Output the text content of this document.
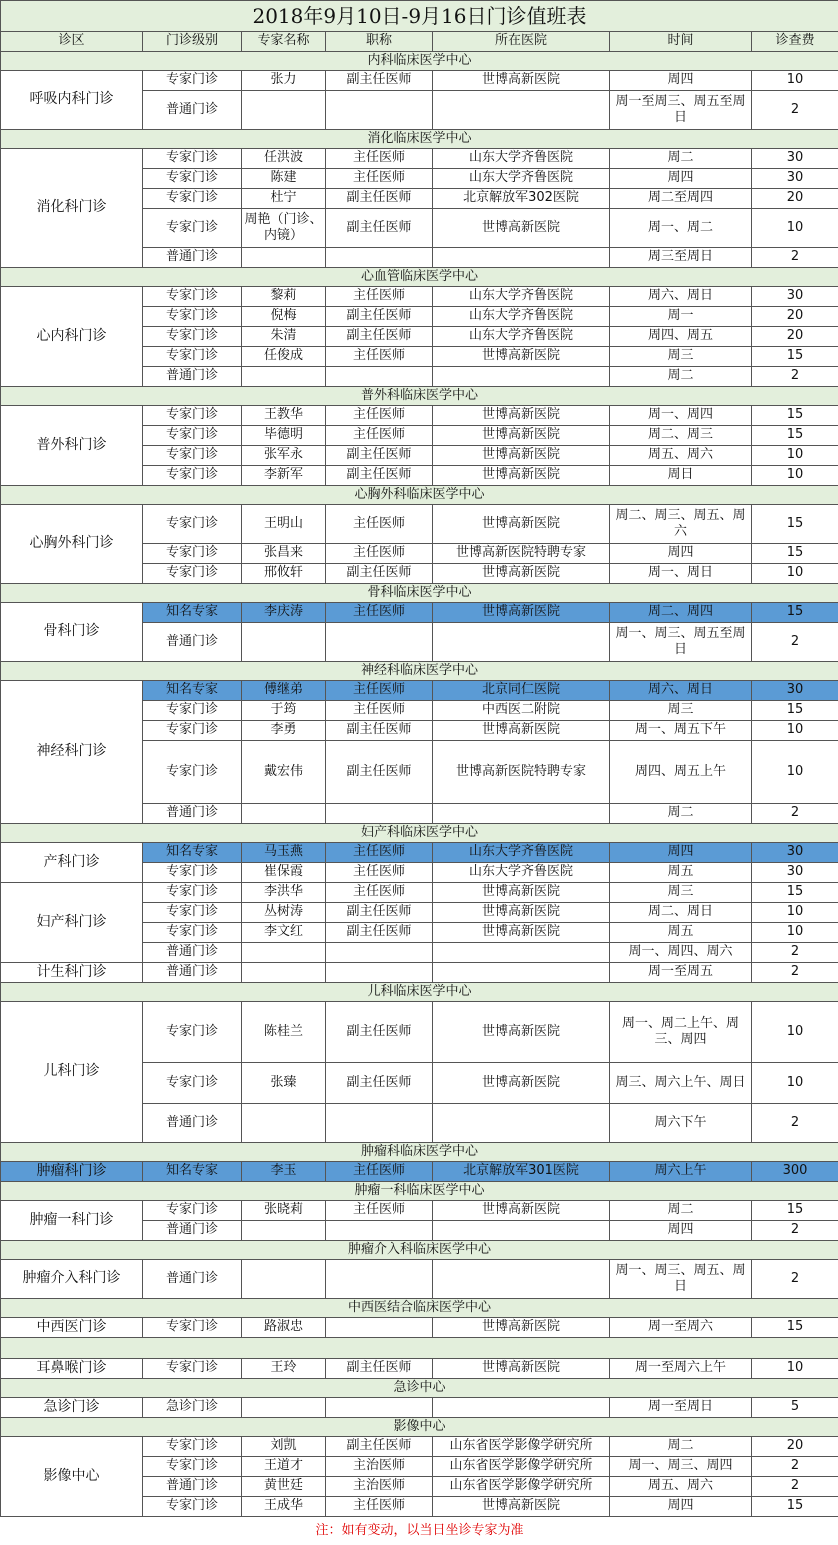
2018年9月10日-9月16日门诊值班表						
诊区	门诊级别	专家名称	职称	所在医院	时间	诊查费
内科临床医学中心						
呼吸内科门诊	专家门诊	张力	副主任医师	世博高新医院	周四	10
	普通门诊				周一至周三、周五至周日	2
消化临床医学中心						
消化科门诊	专家门诊	任洪波	主任医师	山东大学齐鲁医院	周二	30
	专家门诊	陈建	主任医师	山东大学齐鲁医院	周四	30
	专家门诊	杜宁	副主任医师	北京解放军302医院	周二至周四	20
	专家门诊	周艳（门诊、内镜）	副主任医师	世博高新医院	周一、周二	10
	普通门诊				周三至周日	2
心血管临床医学中心						
心内科门诊	专家门诊	黎莉	主任医师	山东大学齐鲁医院	周六、周日	30
	专家门诊	倪梅	副主任医师	山东大学齐鲁医院	周一	20
	专家门诊	朱清	副主任医师	山东大学齐鲁医院	周四、周五	20
	专家门诊	任俊成	主任医师	世博高新医院	周三	15
	普通门诊				周二	2
普外科临床医学中心						
普外科门诊	专家门诊	王教华	主任医师	世博高新医院	周一、周四	15
	专家门诊	毕德明	主任医师	世博高新医院	周二、周三	15
	专家门诊	张军永	副主任医师	世博高新医院	周五、周六	10
	专家门诊	李新军	副主任医师	世博高新医院	周日	10
心胸外科临床医学中心						
心胸外科门诊	专家门诊	王明山	主任医师	世博高新医院	周二、周三、周五、周六	15
	专家门诊	张昌来	主任医师	世博高新医院特聘专家	周四	15
	专家门诊	邢攸轩	副主任医师	世博高新医院	周一、周日	10
骨科临床医学中心						
骨科门诊	知名专家	李庆涛	主任医师	世博高新医院	周二、周四	15
	普通门诊				周一、周三、周五至周日	2
神经科临床医学中心						
神经科门诊	知名专家	傅继弟	主任医师	北京同仁医院	周六、周日	30
	专家门诊	于筠	主任医师	中西医二附院	周三	15
	专家门诊	李勇	副主任医师	世博高新医院	周一、周五下午	10
	专家门诊	戴宏伟	副主任医师	世博高新医院特聘专家	周四、周五上午	10
	普通门诊				周二	2
妇产科临床医学中心						
产科门诊	知名专家	马玉燕	主任医师	山东大学齐鲁医院	周四	30
	专家门诊	崔保霞	主任医师	山东大学齐鲁医院	周五	30
妇产科门诊	专家门诊	李洪华	主任医师	世博高新医院	周三	15
	专家门诊	丛树涛	副主任医师	世博高新医院	周二、周日	10
	专家门诊	李文红	副主任医师	世博高新医院	周五	10
	普通门诊				周一、周四、周六	2
计生科门诊	普通门诊				周一至周五	2
儿科临床医学中心						
儿科门诊	专家门诊	陈桂兰	副主任医师	世博高新医院	周一、周二上午、周三、周四	10
	专家门诊	张臻	副主任医师	世博高新医院	周三、周六上午、周日	10
	普通门诊				周六下午	2
肿瘤科临床医学中心						
肿瘤科门诊	知名专家	李玉	主任医师	北京解放军301医院	周六上午	300
肿瘤一科临床医学中心						
肿瘤一科门诊	专家门诊	张晓莉	主任医师	世博高新医院	周二	15
	普通门诊				周四	2
肿瘤介入科临床医学中心						
肿瘤介入科门诊	普通门诊				周一、周三、周五、周日	2
中西医结合临床医学中心						
中西医门诊	专家门诊	路淑忠		世博高新医院	周一至周六	15

耳鼻喉门诊	专家门诊	王玲	副主任医师	世博高新医院	周一至周六上午	10
急诊中心						
急诊门诊	急诊门诊				周一至周日	5
影像中心						
影像中心	专家门诊	刘凯	副主任医师	山东省医学影像学研究所	周二	20
	专家门诊	王道才	主治医师	山东省医学影像学研究所	周一、周三、周四	2
	普通门诊	黄世廷	主治医师	山东省医学影像学研究所	周五、周六	2
	专家门诊	王成华	主任医师	世博高新医院	周四	15
注：如有变动，以当日坐诊专家为准						
